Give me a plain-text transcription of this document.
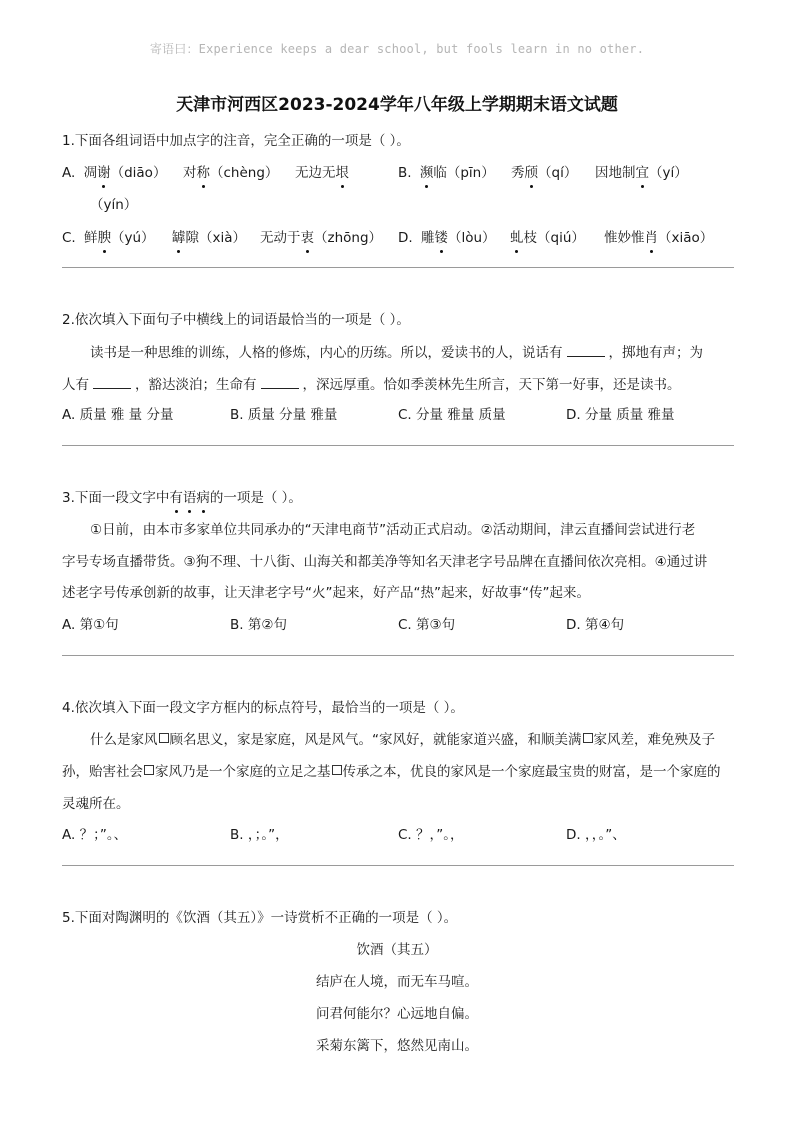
寄语曰：Experience keeps a dear school, but fools learn in no other.
天津市河西区2023-2024学年八年级上学期期末语文试题
1.下面各组词语中加点字的注音，完全正确的一项是（ ）。
A. 凋谢（diāo） 对称（chèng） 无边无垠	B. 濒临（pīn） 秀颀（qí） 因地制宜（yí）
（yín）
C. 鲜腴（yú） 罅隙（xià） 无动于衷（zhōng） D. 雕镂（lòu） 虬枝（qiú） 惟妙惟肖（xiāo）
2.依次填入下面句子中横线上的词语最恰当的一项是（ ）。
读书是一种思维的训练，人格的修炼，内心的历练。所以，爱读书的人，说话有	，掷地有声；为
人有	，豁达淡泊；生命有	，深远厚重。恰如季羡林先生所言，天下第一好事，还是读书。
A. 质量 雅 量 分量	B. 质量 分量 雅量	C. 分量 雅量 质量	D. 分量 质量 雅量
3.下面一段文字中有语病的一项是（ ）。
①日前，由本市多家单位共同承办的“天津电商节”活动正式启动。②活动期间，津云直播间尝试进行老
字号专场直播带货。③狗不理、十八街、山海关和都美净等知名天津老字号品牌在直播间依次亮相。④通过讲
述老字号传承创新的故事，让天津老字号“火”起来，好产品“热”起来，好故事“传”起来。
A. 第①句	B. 第②句	C. 第③句	D. 第④句
4.依次填入下面一段文字方框内的标点符号，最恰当的一项是（ ）。
什么是家风 顾名思义，家是家庭，风是风气。“家风好，就能家道兴盛，和顺美满 家风差，难免殃及子
孙，贻害社会 家风乃是一个家庭的立足之基 传承之本，优良的家风是一个家庭最宝贵的财富，是一个家庭的
灵魂所在。
A. ？；”。、	B. ，；。”，	C. ？，”。，	D. ，，。”、
5.下面对陶渊明的《饮酒（其五）》一诗赏析不正确的一项是（ ）。
饮酒（其五）
结庐在人境，而无车马喧。
问君何能尔？心远地自偏。
采菊东篱下，悠然见南山。
